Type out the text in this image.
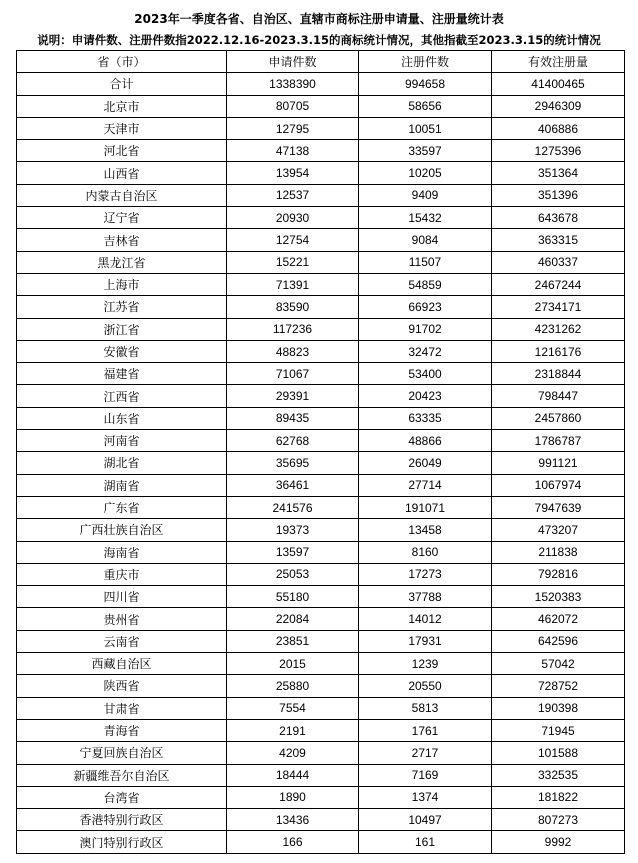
2023年一季度各省、自治区、直辖市商标注册申请量、注册量统计表
说明：申请件数、注册件数指2022.12.16-2023.3.15的商标统计情况，其他指截至2023.3.15的统计情况
省（市）	申请件数	注册件数	有效注册量
合计	1338390	994658	41400465
北京市	80705	58656	2946309
天津市	12795	10051	406886
河北省	47138	33597	1275396
山西省	13954	10205	351364
内蒙古自治区	12537	9409	351396
辽宁省	20930	15432	643678
吉林省	12754	9084	363315
黑龙江省	15221	11507	460337
上海市	71391	54859	2467244
江苏省	83590	66923	2734171
浙江省	117236	91702	4231262
安徽省	48823	32472	1216176
福建省	71067	53400	2318844
江西省	29391	20423	798447
山东省	89435	63335	2457860
河南省	62768	48866	1786787
湖北省	35695	26049	991121
湖南省	36461	27714	1067974
广东省	241576	191071	7947639
广西壮族自治区	19373	13458	473207
海南省	13597	8160	211838
重庆市	25053	17273	792816
四川省	55180	37788	1520383
贵州省	22084	14012	462072
云南省	23851	17931	642596
西藏自治区	2015	1239	57042
陕西省	25880	20550	728752
甘肃省	7554	5813	190398
青海省	2191	1761	71945
宁夏回族自治区	4209	2717	101588
新疆维吾尔自治区	18444	7169	332535
台湾省	1890	1374	181822
香港特别行政区	13436	10497	807273
澳门特别行政区	166	161	9992
